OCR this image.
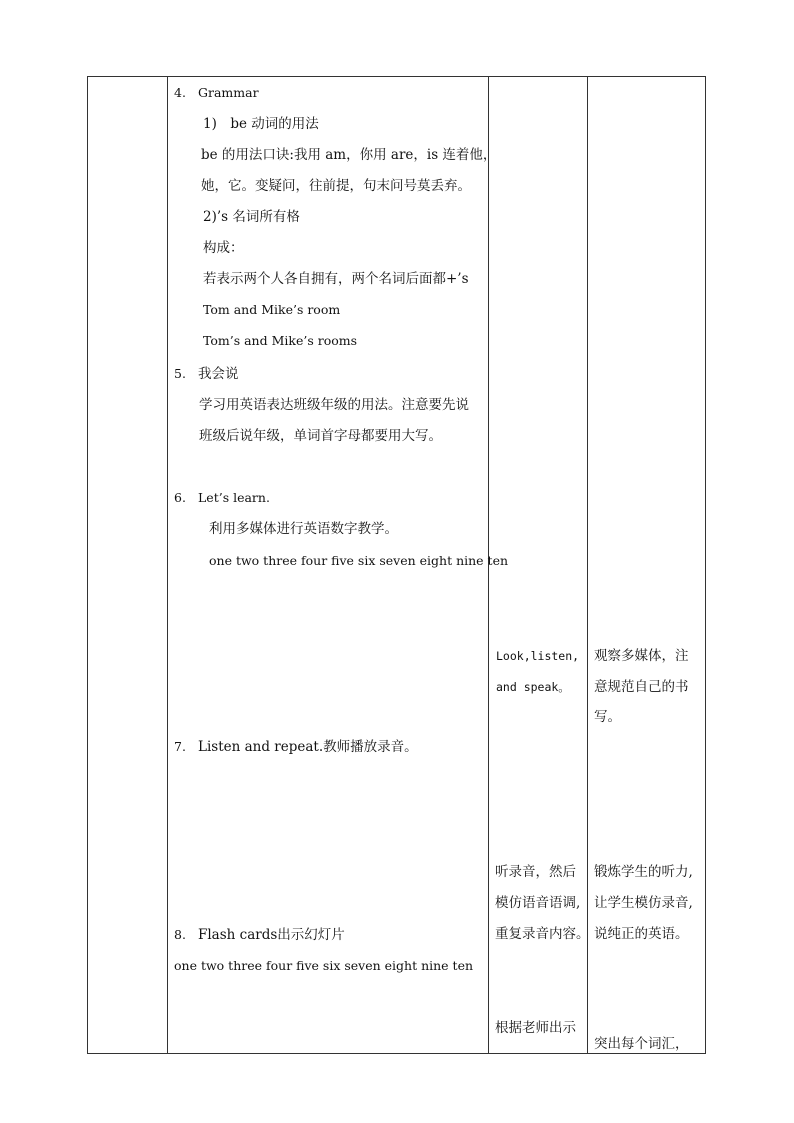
4. Grammar
1)　be 动词的用法
be 的用法口诀:我用 am，你用 are，is 连着他，
她，它。变疑问，往前提，句末问号莫丢弃。
2)’s 名词所有格
构成：
若表示两个人各自拥有，两个名词后面都+’s
Tom and Mike’s room
Tom’s and Mike’s rooms
5. 我会说
学习用英语表达班级年级的用法。注意要先说
班级后说年级，单词首字母都要用大写。
6. Let’s learn.
利用多媒体进行英语数字教学。
one two three four five six seven eight nine ten
7. Listen and repeat.教师播放录音。
8. Flash cards出示幻灯片
one two three four five six seven eight nine ten
Look,listen,
and speak。
听录音，然后
模仿语音语调,
重复录音内容。
根据老师出示
观察多媒体，注
意规范自己的书
写。
锻炼学生的听力,
让学生模仿录音,
说纯正的英语。
突出每个词汇，
